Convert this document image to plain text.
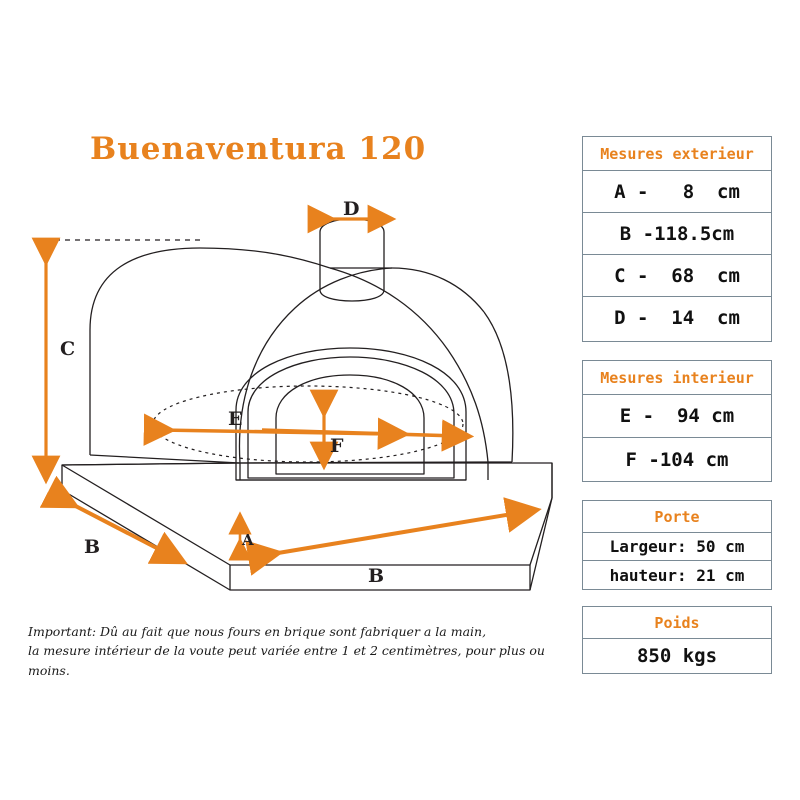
Buenaventura 120
C
D
E
F
B
B
A
Important: Dû au fait que nous fours en brique sont fabriquer a la main,
la mesure intérieur de la voute peut variée entre 1 et 2 centimètres, pour plus ou moins.
Mesures exterieur
A -   8  cm
B -118.5cm
C -  68  cm
D -  14  cm
Mesures interieur
E -  94 cm
F -104 cm
Porte
Largeur: 50 cm
hauteur: 21 cm
Poids
850 kgs
